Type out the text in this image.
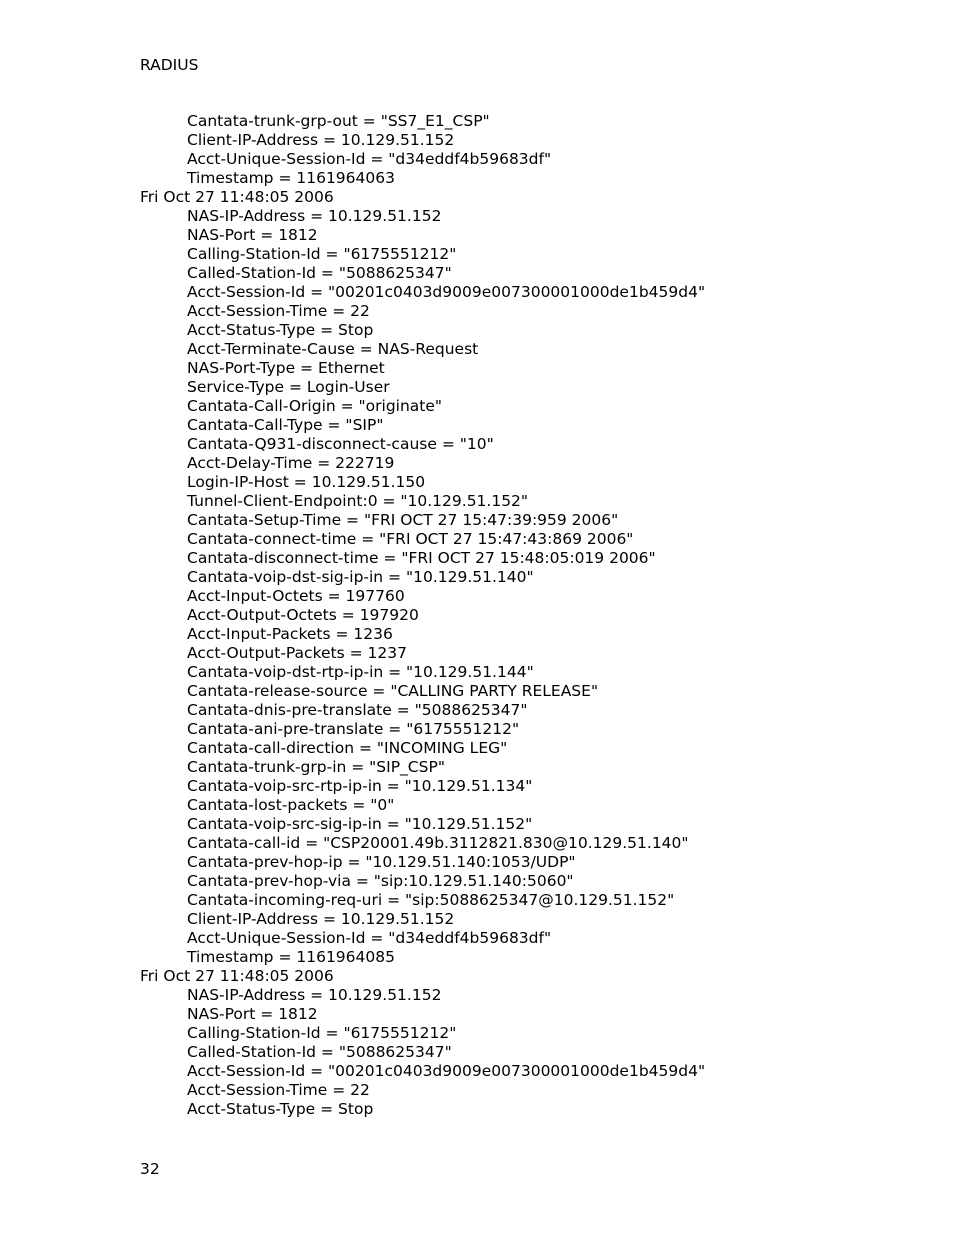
RADIUS
Cantata-trunk-grp-out = "SS7_E1_CSP"
Client-IP-Address = 10.129.51.152
Acct-Unique-Session-Id = "d34eddf4b59683df"
Timestamp = 1161964063
Fri Oct 27 11:48:05 2006
NAS-IP-Address = 10.129.51.152
NAS-Port = 1812
Calling-Station-Id = "6175551212"
Called-Station-Id = "5088625347"
Acct-Session-Id = "00201c0403d9009e007300001000de1b459d4"
Acct-Session-Time = 22
Acct-Status-Type = Stop
Acct-Terminate-Cause = NAS-Request
NAS-Port-Type = Ethernet
Service-Type = Login-User
Cantata-Call-Origin = "originate"
Cantata-Call-Type = "SIP"
Cantata-Q931-disconnect-cause = "10"
Acct-Delay-Time = 222719
Login-IP-Host = 10.129.51.150
Tunnel-Client-Endpoint:0 = "10.129.51.152"
Cantata-Setup-Time = "FRI OCT 27 15:47:39:959 2006"
Cantata-connect-time = "FRI OCT 27 15:47:43:869 2006"
Cantata-disconnect-time = "FRI OCT 27 15:48:05:019 2006"
Cantata-voip-dst-sig-ip-in = "10.129.51.140"
Acct-Input-Octets = 197760
Acct-Output-Octets = 197920
Acct-Input-Packets = 1236
Acct-Output-Packets = 1237
Cantata-voip-dst-rtp-ip-in = "10.129.51.144"
Cantata-release-source = "CALLING PARTY RELEASE"
Cantata-dnis-pre-translate = "5088625347"
Cantata-ani-pre-translate = "6175551212"
Cantata-call-direction = "INCOMING LEG"
Cantata-trunk-grp-in = "SIP_CSP"
Cantata-voip-src-rtp-ip-in = "10.129.51.134"
Cantata-lost-packets = "0"
Cantata-voip-src-sig-ip-in = "10.129.51.152"
Cantata-call-id = "CSP20001.49b.3112821.830@10.129.51.140"
Cantata-prev-hop-ip = "10.129.51.140:1053/UDP"
Cantata-prev-hop-via = "sip:10.129.51.140:5060"
Cantata-incoming-req-uri = "sip:5088625347@10.129.51.152"
Client-IP-Address = 10.129.51.152
Acct-Unique-Session-Id = "d34eddf4b59683df"
Timestamp = 1161964085
Fri Oct 27 11:48:05 2006
NAS-IP-Address = 10.129.51.152
NAS-Port = 1812
Calling-Station-Id = "6175551212"
Called-Station-Id = "5088625347"
Acct-Session-Id = "00201c0403d9009e007300001000de1b459d4"
Acct-Session-Time = 22
Acct-Status-Type = Stop
32
